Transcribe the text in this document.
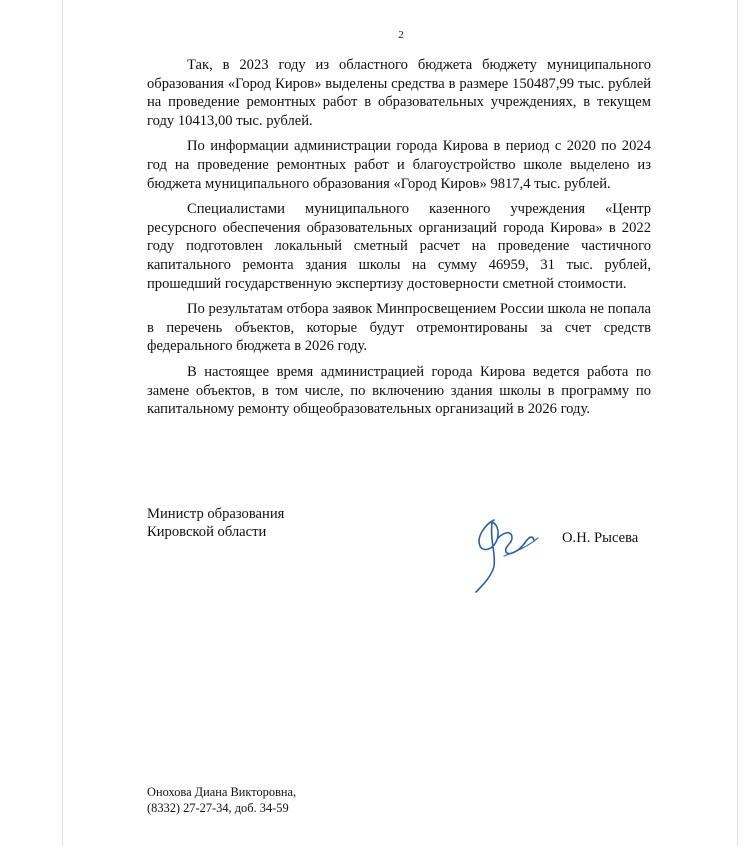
2

Так, в 2023 году из областного бюджета бюджету муниципального образования «Город Киров» выделены средства в размере 150487,99 тыс. рублей на проведение ремонтных работ в образовательных учреждениях, в текущем году 10413,00 тыс. рублей.

По информации администрации города Кирова в период с 2020 по 2024 год на проведение ремонтных работ и благоустройство школе выделено из бюджета муниципального образования «Город Киров» 9817,4 тыс. рублей.

Специалистами муниципального казенного учреждения «Центр ресурсного обеспечения образовательных организаций города Кирова» в 2022 году подготовлен локальный сметный расчет на проведение частичного капитального ремонта здания школы на сумму 46959, 31 тыс. рублей, прошедший государственную экспертизу достоверности сметной стоимости.

По результатам отбора заявок Минпросвещением России школа не попала в перечень объектов, которые будут отремонтированы за счет средств федерального бюджета в 2026 году.

В настоящее время администрацией города Кирова ведется работа по замене объектов, в том числе, по включению здания школы в программу по капитальному ремонту общеобразовательных организаций в 2026 году.

Министр образования
Кировской области	О.Н. Рысева
Онохова Диана Викторовна,
(8332) 27-27-34, доб. 34-59
